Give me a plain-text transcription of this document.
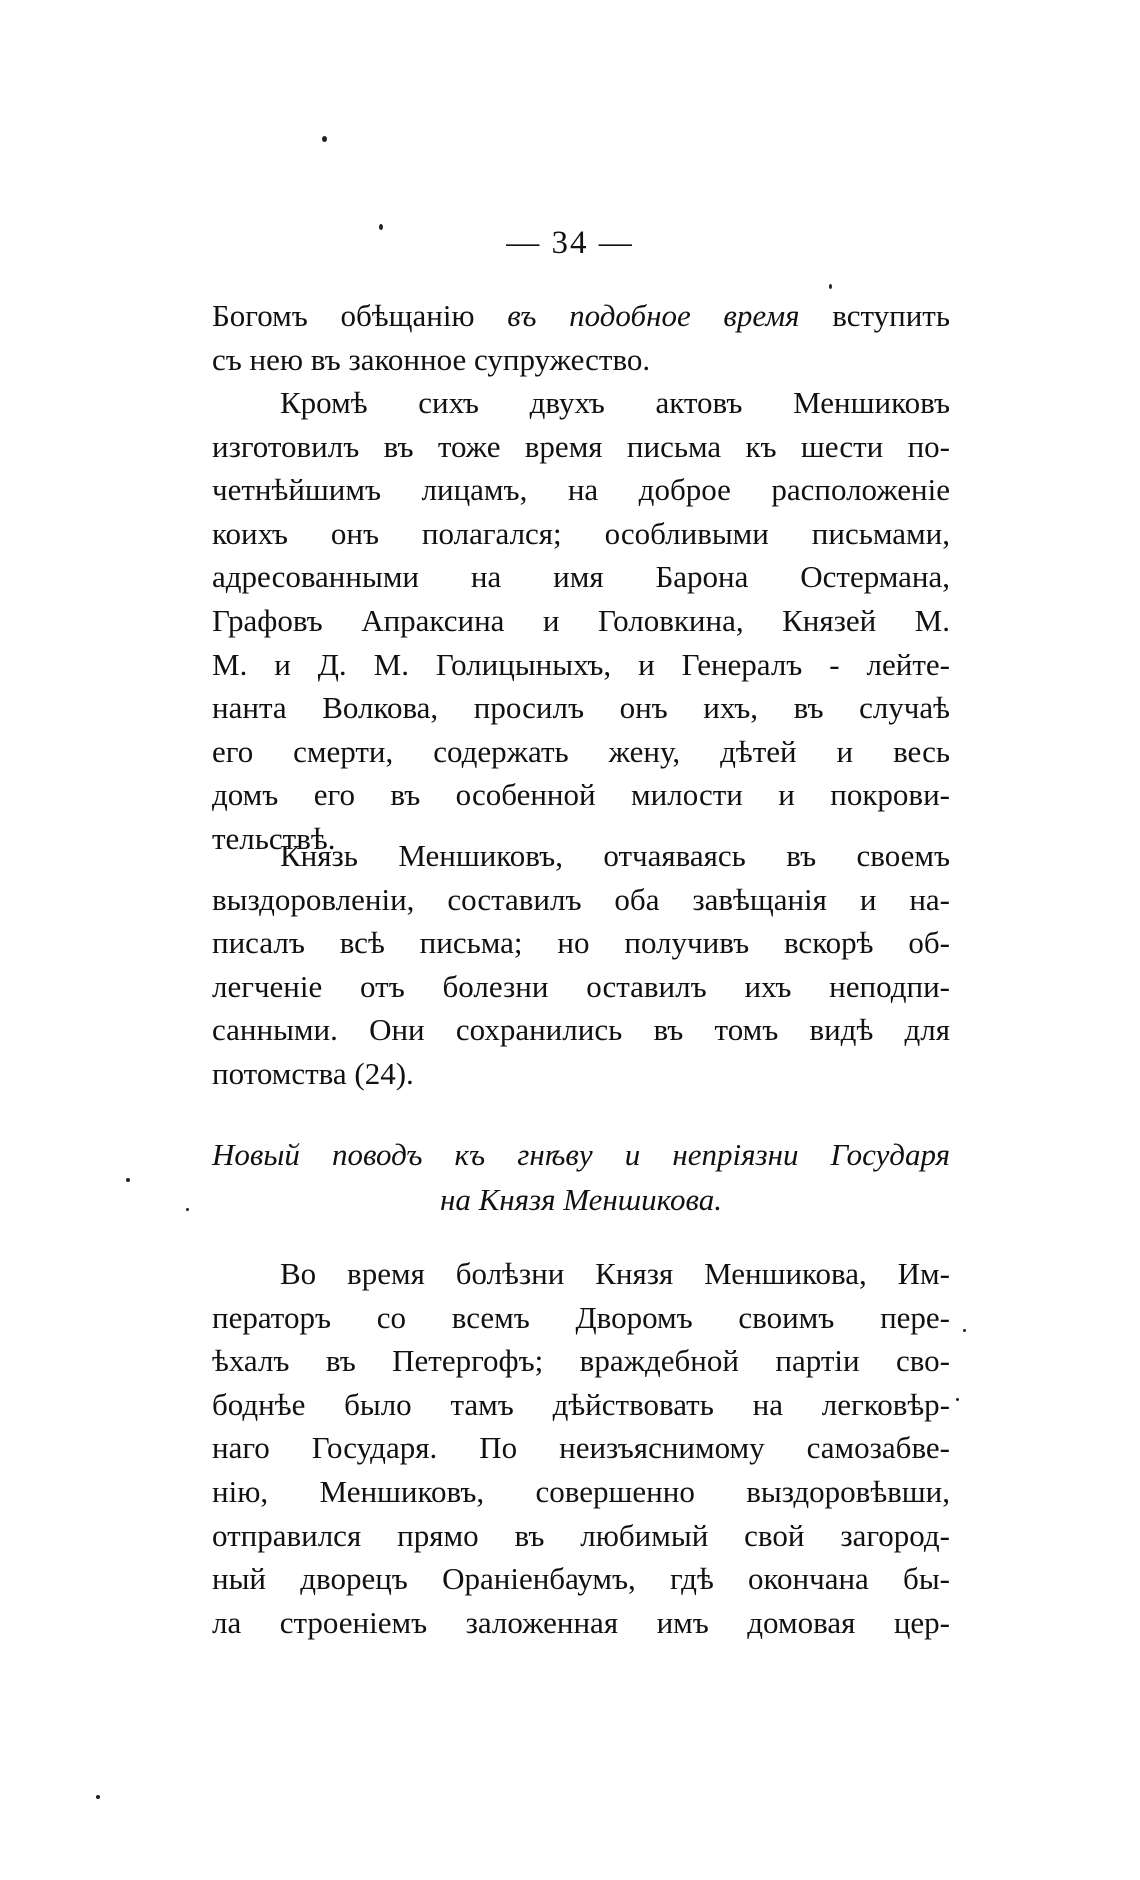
— 34 —
Богомъ обѣщанію въ подобное время вступить
съ нею въ законное супружество.
Кромѣ сихъ двухъ актовъ Меншиковъ
изготовилъ въ тоже время письма къ шести по-
четнѣйшимъ лицамъ, на доброе расположеніе
коихъ онъ полагался; особливыми письмами,
адресованными на имя Барона Остермана,
Графовъ Апраксина и Головкина, Князей М.
М. и Д. М. Голицыныхъ, и Генералъ - лейте-
нанта Волкова, просилъ онъ ихъ, въ случаѣ
его смерти, содержать жену, дѣтей и весь
домъ его въ особенной милости и покрови-
тельствѣ.
Князь Меншиковъ, отчаяваясь въ своемъ
выздоровленіи, составилъ оба завѣщанія и на-
писалъ всѣ письма; но получивъ вскорѣ об-
легченіе отъ болезни оставилъ ихъ неподпи-
санными. Они сохранились въ томъ видѣ для
потомства (24).
Новый поводъ къ гнѣву и непріязни Государя
на Князя Меншикова.
Во время болѣзни Князя Меншикова, Им-
ператоръ со всемъ Дворомъ своимъ пере-
ѣхалъ въ Петергофъ; враждебной партіи сво-
боднѣе было тамъ дѣйствовать на легковѣр-
наго Государя. По неизъяснимому самозабве-
нію, Меншиковъ, совершенно выздоровѣвши,
отправился прямо въ любимый свой загород-
ный дворецъ Ораніенбаумъ, гдѣ окончана бы-
ла строеніемъ заложенная имъ домовая цер-
